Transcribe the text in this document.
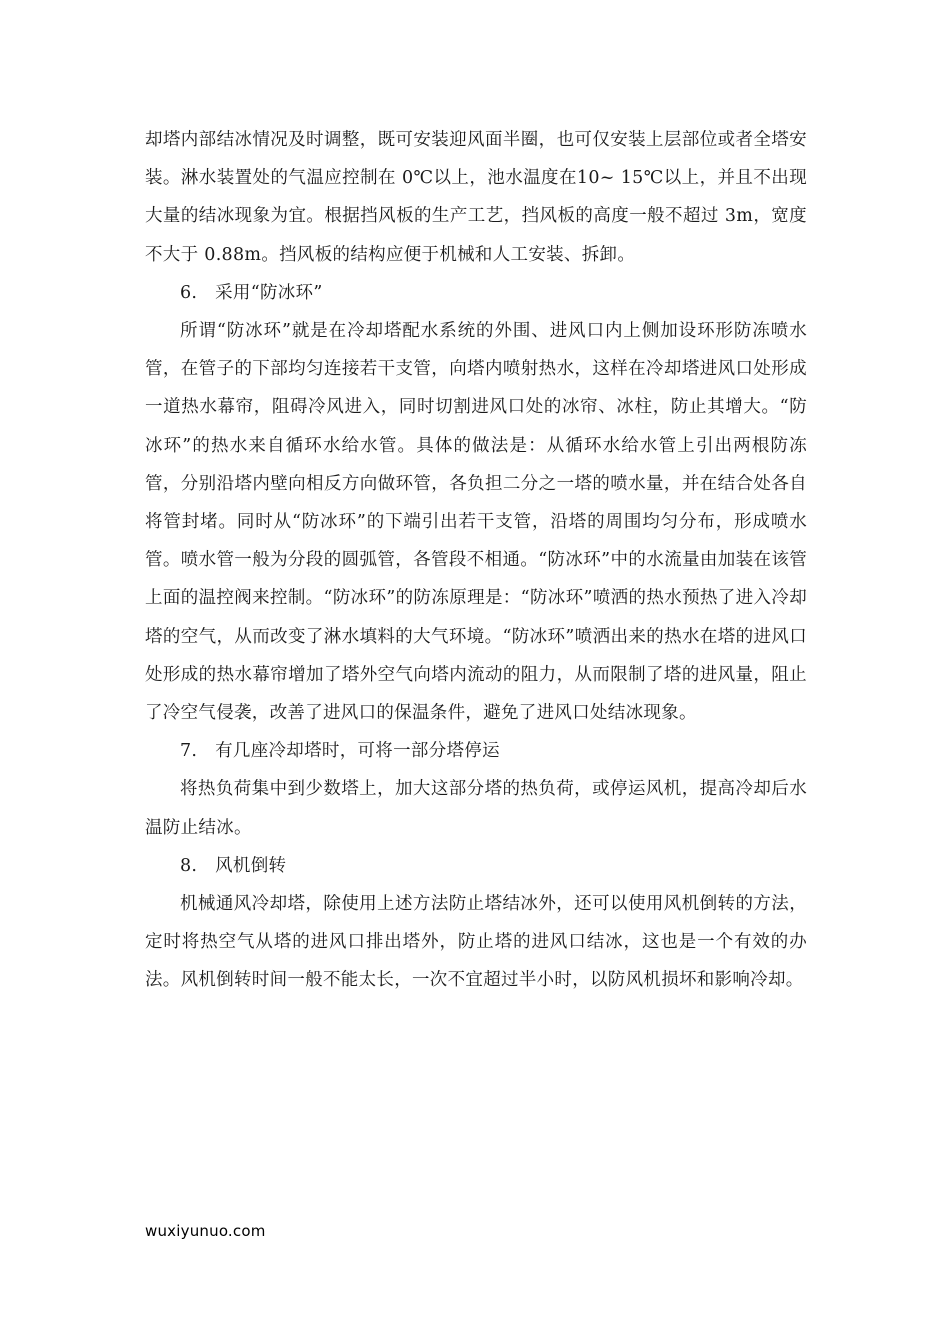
却塔内部结冰情况及时调整，既可安装迎风面半圈，也可仅安装上层部位或者全塔安装。淋水装置处的气温应控制在 0℃以上，池水温度在10~ 15℃以上，并且不出现大量的结冰现象为宜。根据挡风板的生产工艺，挡风板的高度一般不超过 3m，宽度不大于 0.88m。挡风板的结构应便于机械和人工安装、拆卸。

6.　采用“防冰环”

所谓“防冰环”就是在冷却塔配水系统的外围、进风口内上侧加设环形防冻喷水管，在管子的下部均匀连接若干支管，向塔内喷射热水，这样在冷却塔进风口处形成一道热水幕帘，阻碍冷风进入，同时切割进风口处的冰帘、冰柱，防止其增大。“防冰环”的热水来自循环水给水管。具体的做法是：从循环水给水管上引出两根防冻管，分别沿塔内壁向相反方向做环管，各负担二分之一塔的喷水量，并在结合处各自将管封堵。同时从“防冰环”的下端引出若干支管，沿塔的周围均匀分布，形成喷水管。喷水管一般为分段的圆弧管，各管段不相通。“防冰环”中的水流量由加装在该管上面的温控阀来控制。“防冰环”的防冻原理是：“防冰环”喷洒的热水预热了进入冷却塔的空气，从而改变了淋水填料的大气环境。“防冰环”喷洒出来的热水在塔的进风口处形成的热水幕帘增加了塔外空气向塔内流动的阻力，从而限制了塔的进风量，阻止了冷空气侵袭，改善了进风口的保温条件，避免了进风口处结冰现象。

7.　有几座冷却塔时，可将一部分塔停运

将热负荷集中到少数塔上，加大这部分塔的热负荷，或停运风机，提高冷却后水温防止结冰。

8.　风机倒转

机械通风冷却塔，除使用上述方法防止塔结冰外，还可以使用风机倒转的方法，定时将热空气从塔的进风口排出塔外，防止塔的进风口结冰，这也是一个有效的办法。风机倒转时间一般不能太长，一次不宜超过半小时，以防风机损坏和影响冷却。

wuxiyunuo.com
